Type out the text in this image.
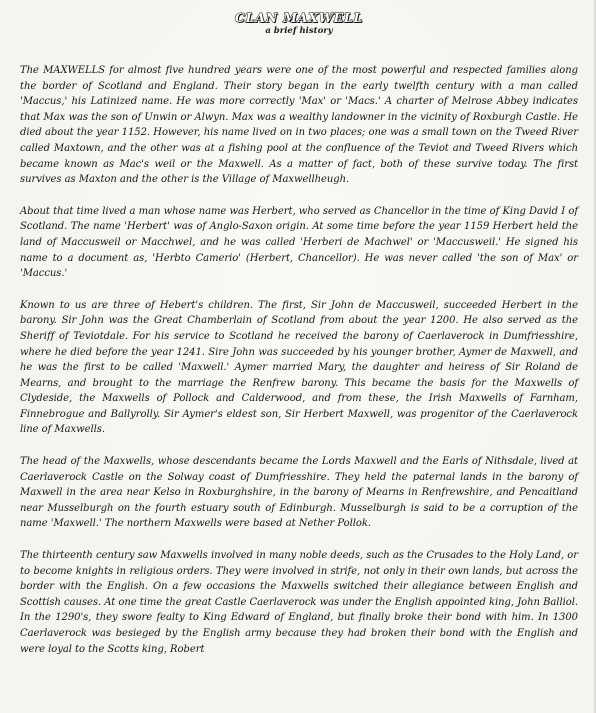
CLAN MAXWELL
a brief history

The MAXWELLS for almost five hundred years were one of the most powerful and respected families along the border of Scotland and England. Their story began in the early twelfth century with a man called 'Maccus,' his Latinized name. He was more correctly 'Max' or 'Macs.' A charter of Melrose Abbey indicates that Max was the son of Unwin or Alwyn. Max was a wealthy landowner in the vicinity of Roxburgh Castle. He died about the year 1152. However, his name lived on in two places; one was a small town on the Tweed River called Maxtown, and the other was at a fishing pool at the confluence of the Teviot and Tweed Rivers which became known as Mac's weil or the Maxwell. As a matter of fact, both of these survive today. The first survives as Maxton and the other is the Village of Maxwellheugh.

About that time lived a man whose name was Herbert, who served as Chancellor in the time of King David I of Scotland. The name 'Herbert' was of Anglo-Saxon origin. At some time before the year 1159 Herbert held the land of Maccusweil or Macchwel, and he was called 'Herberi de Machwel' or 'Maccusweil.' He signed his name to a document as, 'Herbto Camerio' (Herbert, Chancellor). He was never called 'the son of Max' or 'Maccus.'

Known to us are three of Hebert's children. The first, Sir John de Maccusweil, succeeded Herbert in the barony. Sir John was the Great Chamberlain of Scotland from about the year 1200. He also served as the Sheriff of Teviotdale. For his service to Scotland he received the barony of Caerlaverock in Dumfriesshire, where he died before the year 1241. Sire John was succeeded by his younger brother, Aymer de Maxwell, and he was the first to be called 'Maxwell.' Aymer married Mary, the daughter and heiress of Sir Roland de Mearns, and brought to the marriage the Renfrew barony. This became the basis for the Maxwells of Clydeside, the Maxwells of Pollock and Calderwood, and from these, the Irish Maxwells of Farnham, Finnebrogue and Ballyrolly. Sir Aymer's eldest son, Sir Herbert Maxwell, was progenitor of the Caerlaverock line of Maxwells.

The head of the Maxwells, whose descendants became the Lords Maxwell and the Earls of Nithsdale, lived at Caerlaverock Castle on the Solway coast of Dumfriesshire. They held the paternal lands in the barony of Maxwell in the area near Kelso in Roxburghshire, in the barony of Mearns in Renfrewshire, and Pencaitland near Musselburgh on the fourth estuary south of Edinburgh. Musselburgh is said to be a corruption of the name 'Maxwell.' The northern Maxwells were based at Nether Pollok.

The thirteenth century saw Maxwells involved in many noble deeds, such as the Crusades to the Holy Land, or to become knights in religious orders. They were involved in strife, not only in their own lands, but across the border with the English. On a few occasions the Maxwells switched their allegiance between English and Scottish causes. At one time the great Castle Caerlaverock was under the English appointed king, John Balliol. In the 1290's, they swore fealty to King Edward of England, but finally broke their bond with him. In 1300 Caerlaverock was besieged by the English army because they had broken their bond with the English and were loyal to the Scotts king, Robert
